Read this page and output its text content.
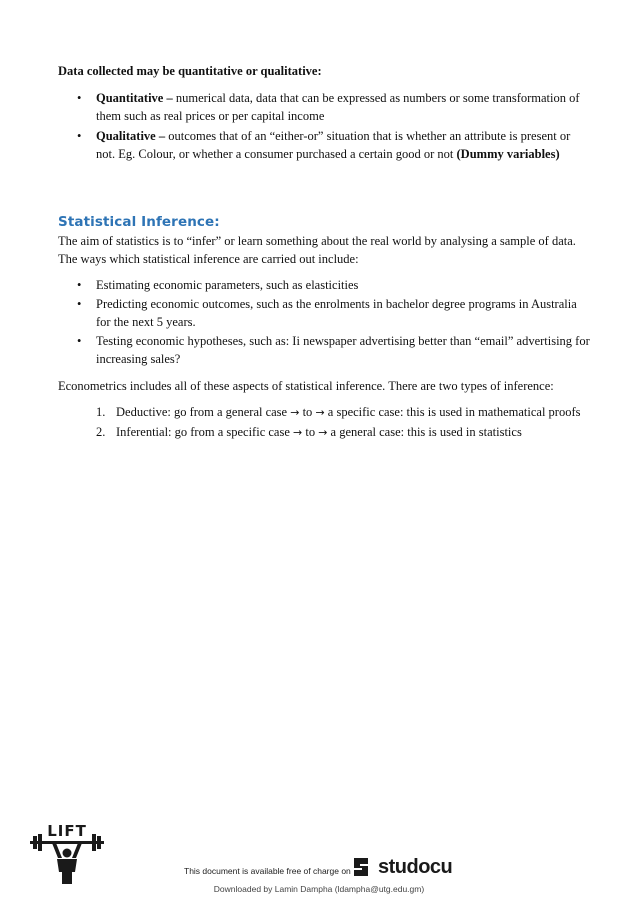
Data collected may be quantitative or qualitative:
• Quantitative – numerical data, data that can be expressed as numbers or some transformation of them such as real prices or per capital income
• Qualitative – outcomes that of an “either-or” situation that is whether an attribute is present or not. Eg. Colour, or whether a consumer purchased a certain good or not (Dummy variables)
Statistical Inference:

The aim of statistics is to “infer” or learn something about the real world by analysing a sample of data. The ways which statistical inference are carried out include:

• Estimating economic parameters, such as elasticities
• Predicting economic outcomes, such as the enrolments in bachelor degree programs in Australia for the next 5 years.
• Testing economic hypotheses, such as: Ii newspaper advertising better than “email” advertising for increasing sales?

Econometrics includes all of these aspects of statistical inference. There are two types of inference:

1. Deductive: go from a general case → to → a specific case: this is used in mathematical proofs
2. Inferential: go from a specific case → to → a general case: this is used in statistics
LIFT
This document is available free of charge on studocu
Downloaded by Lamin Dampha (ldampha@utg.edu.gm)
